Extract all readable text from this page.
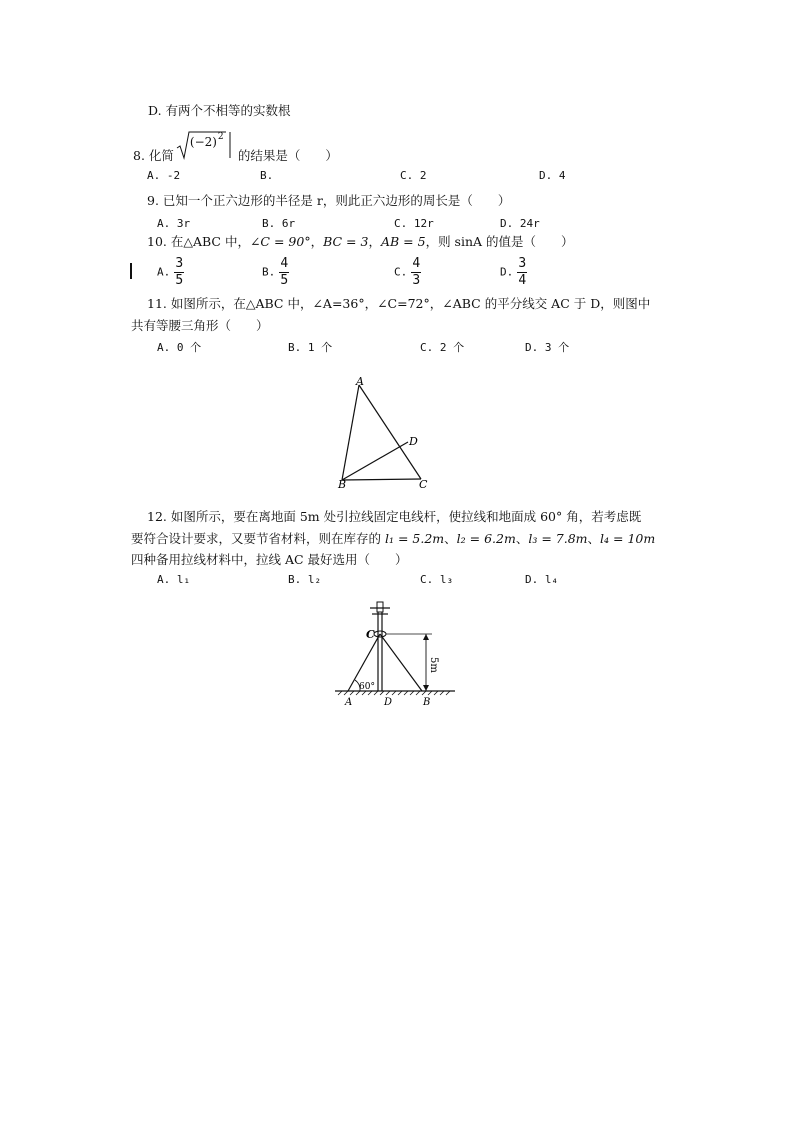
D. 有两个不相等的实数根
8. 化简
(−2) 2
的结果是（　　）
A. -2	B.	C. 2	D. 4
9. 已知一个正六边形的半径是 r，则此正六边形的周长是（　　）
A. 3r	B. 6r	C. 12r	D. 24r
10. 在△ABC 中，∠C = 90°，BC = 3，AB = 5，则 sinA 的值是（　　）
A. $\frac{3}{5}$	B. $\frac{4}{5}$	C. $\frac{4}{3}$	D. $\frac{3}{4}$
11. 如图所示，在△ABC 中，∠A=36°，∠C=72°，∠ABC 的平分线交 AC 于 D，则图中
共有等腰三角形（　　）
A. 0 个	B. 1 个	C. 2 个	D. 3 个
A
B	C
D
12. 如图所示，要在离地面 5m 处引拉线固定电线杆，使拉线和地面成 60° 角，若考虑既
要符合设计要求，又要节省材料，则在库存的 l₁ = 5.2m、l₂ = 6.2m、l₃ = 7.8m、l₄ = 10m
四种备用拉线材料中，拉线 AC 最好选用（　　）
A. l₁	B. l₂	C. l₃	D. l₄
5m
C
60°
A	D	B
